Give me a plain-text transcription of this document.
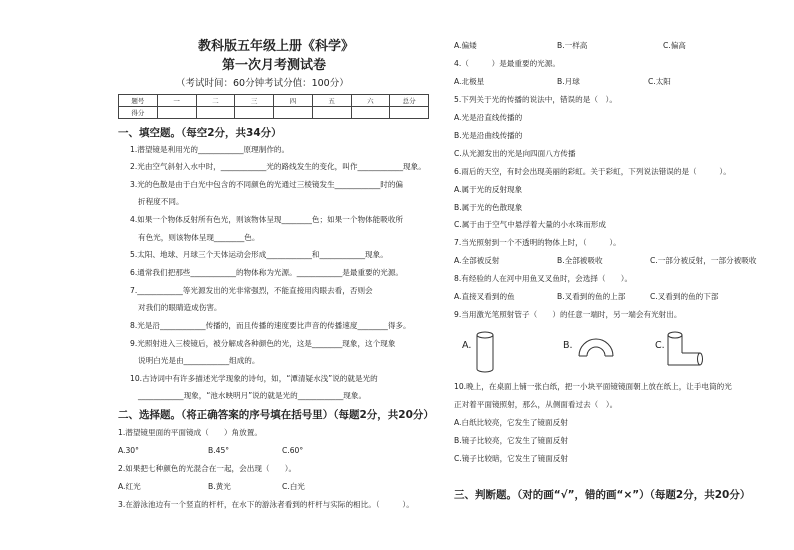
教科版五年级上册《科学》
第一次月考测试卷
（考试时间：60分钟考试分值：100分）
题号	一	二	三	四	五	六	总分
得分							
一、填空题。（每空2分，共34分）
1.潜望镜是利用光的____________原理制作的。
2.光由空气斜射入水中时，____________光的路线发生的变化，叫作____________现象。
3.光的色散是由于白光中包含的不同颜色的光通过三棱镜发生____________时的偏
折程度不同。
4.如果一个物体反射所有色光，则该物体呈现________色；如果一个物体能吸收所
有色光，则该物体呈现________色。
5.太阳、地球、月球三个天体运动会形成____________和____________现象。
6.通常我们把那些____________的物体称为光源。____________是最重要的光源。
7.____________等光源发出的光非常强烈，不能直接用肉眼去看，否则会
对我们的眼睛造成伤害。
8.光是沿____________传播的，而且传播的速度要比声音的传播速度________得多。
9.光照射进入三棱镜后，被分解成各种颜色的光，这是________现象，这个现象
说明白光是由____________组成的。
10.古诗词中有许多描述光学现象的诗句，如，“潭清疑水浅”说的就是光的
____________现象，“池水映明月”说的就是光的____________现象。
二、选择题。（将正确答案的序号填在括号里）（每题2分，共20分）
1.潜望镜里面的平面镜成（　　）角放置。
A.30°	B.45°	C.60°
2.如果把七种颜色的光混合在一起，会出现（　　）。
A.红光	B.黄光	C.白光
3.在游泳池边有一个竖直的杆杆，在水下的游泳者看到的杆杆与实际的相比。（　　　）。
A.偏矮	B.一样高	C.偏高
4.（　　　）是最重要的光源。
A.北极星	B.月球	C.太阳
5.下列关于光的传播的说法中，错误的是（　）。
A.光是沿直线传播的
B.光是沿曲线传播的
C.从光源发出的光是向四面八方传播
6.雨后的天空，有时会出现美丽的彩虹。关于彩虹，下列说法错误的是（　　　）。
A.属于光的反射现象
B.属于光的色散现象
C.属于由于空气中悬浮着大量的小水珠而形成
7.当光照射到一个不透明的物体上时，（　　　）。
A.全部被反射	B.全部被吸收	C.一部分被反射，一部分被吸收
8.有经验的人在河中用鱼叉叉鱼时，会选择（　　）。
A.直接叉看到的鱼	B.叉看到的鱼的上部	C.叉看到的鱼的下部
9.当用激光笔照射管子（　　）的任意一端时，另一端会有光射出。
A.	B.	C.
10.晚上，在桌面上铺一张白纸，把一小块平面镜镜面朝上放在纸上，让手电筒的光
正对着平面镜照射，那么，从侧面看过去（　）。
A.白纸比较亮，它发生了镜面反射
B.镜子比较亮，它发生了镜面反射
C.镜子比较暗，它发生了镜面反射
三、判断题。（对的画“√”，错的画“×”）（每题2分，共20分）
